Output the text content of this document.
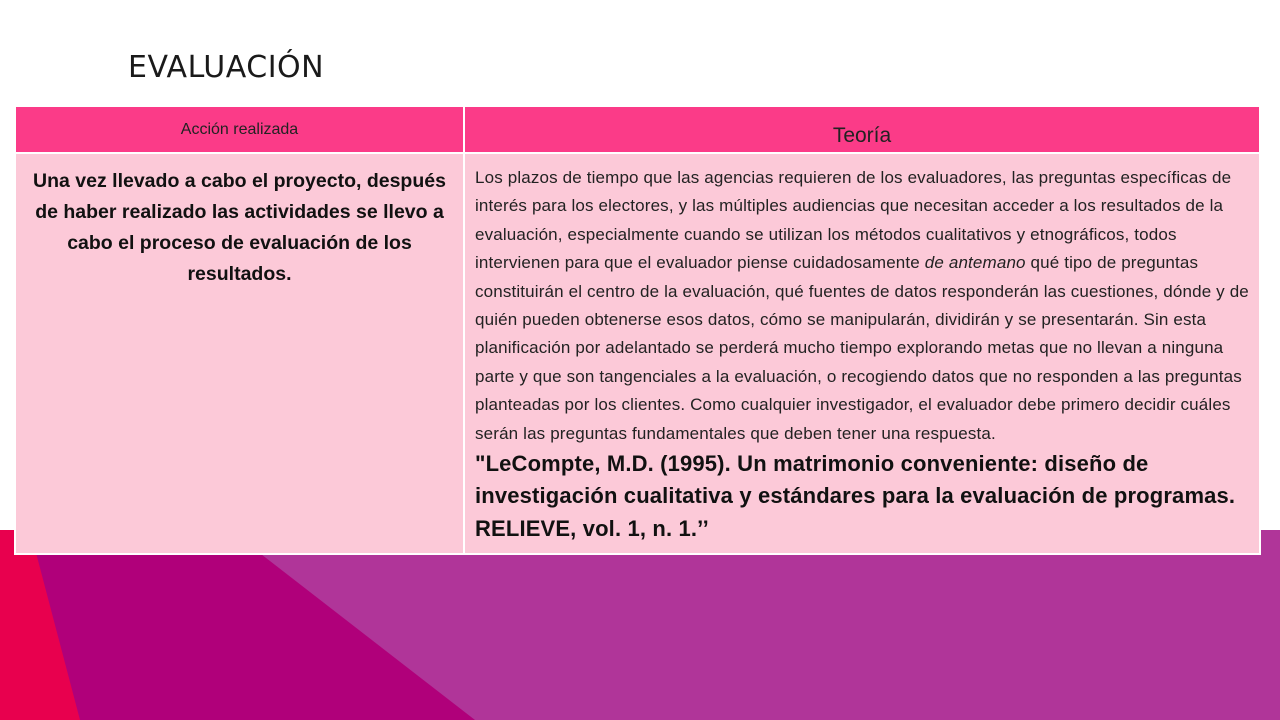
EVALUACIÓN
Acción realizada	Teoría
Una vez llevado a cabo el proyecto, después de haber realizado las actividades se llevo a cabo el proceso de evaluación de los resultados.	Los plazos de tiempo que las agencias requieren de los evaluadores, las preguntas específicas de interés para los electores, y las múltiples audiencias que necesitan acceder a los resultados de la evaluación, especialmente cuando se utilizan los métodos cualitativos y etnográficos, todos intervienen para que el evaluador piense cuidadosamente de antemano qué tipo de preguntas constituirán el centro de la evaluación, qué fuentes de datos responderán las cuestiones, dónde y de quién pueden obtenerse esos datos, cómo se manipularán, dividirán y se presentarán. Sin esta planificación por adelantado se perderá mucho tiempo explorando metas que no llevan a ninguna parte y que son tangenciales a la evaluación, o recogiendo datos que no responden a las preguntas planteadas por los clientes. Como cualquier investigador, el evaluador debe primero decidir cuáles serán las preguntas fundamentales que deben tener una respuesta.
"LeCompte, M.D. (1995). Un matrimonio conveniente: diseño de investigación cualitativa y estándares para la evaluación de programas. RELIEVE, vol. 1, n. 1.’’
